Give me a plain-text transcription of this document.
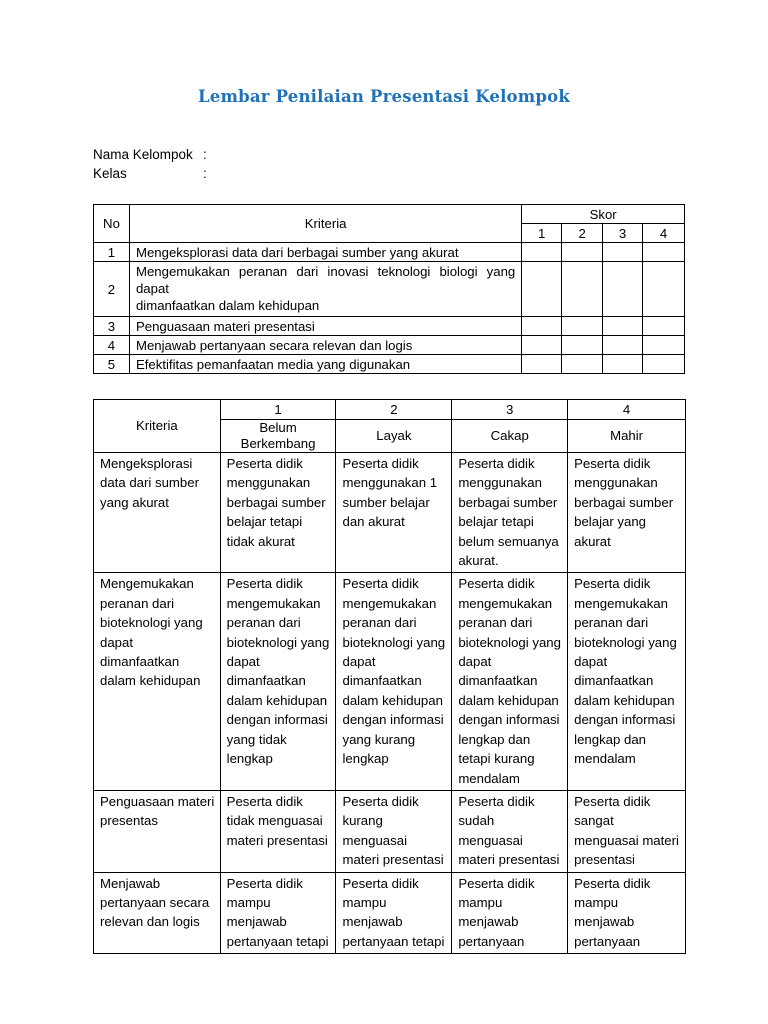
Lembar Penilaian Presentasi Kelompok
Nama Kelompok :
Kelas	:
No	Kriteria	Skor			
		1	2	3	4
1	Mengeksplorasi data dari berbagai sumber yang akurat				
2	Mengemukakan peranan dari inovasi teknologi biologi yang dapat
dimanfaatkan dalam kehidupan				

3	Penguasaan materi presentasi				
4	Menjawab pertanyaan secara relevan dan logis				
5	Efektifitas pemanfaatan media yang digunakan				
Kriteria	1	2	3	4
	Belum Berkembang	Layak	Cakap	Mahir
Mengeksplorasi data dari sumber yang akurat	Peserta didik menggunakan berbagai sumber belajar tetapi tidak akurat	Peserta didik menggunakan 1 sumber belajar dan akurat	Peserta didik menggunakan berbagai sumber belajar tetapi belum semuanya akurat.	Peserta didik menggunakan berbagai sumber belajar yang akurat
Mengemukakan peranan dari bioteknologi yang dapat dimanfaatkan dalam kehidupan	Peserta didik mengemukakan peranan dari bioteknologi yang dapat dimanfaatkan dalam kehidupan dengan informasi yang tidak lengkap	Peserta didik mengemukakan peranan dari bioteknologi yang dapat dimanfaatkan dalam kehidupan dengan informasi yang kurang lengkap	Peserta didik mengemukakan peranan dari bioteknologi yang dapat dimanfaatkan dalam kehidupan dengan informasi lengkap dan tetapi kurang mendalam	Peserta didik mengemukakan peranan dari bioteknologi yang dapat dimanfaatkan dalam kehidupan dengan informasi lengkap dan mendalam
Penguasaan materi presentas	Peserta didik tidak menguasai materi presentasi	Peserta didik kurang menguasai materi presentasi	Peserta didik sudah menguasai materi presentasi	Peserta didik sangat menguasai materi presentasi
Menjawab pertanyaan secara relevan dan logis	Peserta didik mampu menjawab pertanyaan tetapi	Peserta didik mampu menjawab pertanyaan tetapi	Peserta didik mampu menjawab pertanyaan	Peserta didik mampu menjawab pertanyaan
